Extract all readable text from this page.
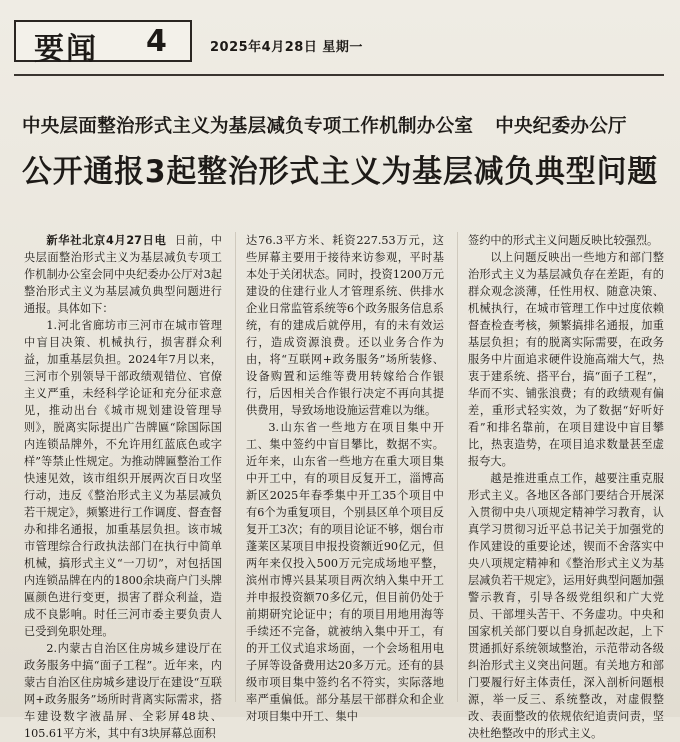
要闻 4	2025年4月28日 星期一
中央层面整治形式主义为基层减负专项工作机制办公室 中央纪委办公厅
公开通报3起整治形式主义为基层减负典型问题

新华社北京4月27日电 日前，中央层面整治形式主义为基层减负专项工作机制办公室会同中央纪委办公厅对3起整治形式主义为基层减负典型问题进行通报。具体如下：

1.河北省廊坊市三河市在城市管理中盲目决策、机械执行，损害群众利益，加重基层负担。2024年7月以来，三河市个别领导干部政绩观错位、官僚主义严重，未经科学论证和充分征求意见，推动出台《城市规划建设管理导则》，脱离实际提出广告牌匾“除国际国内连锁品牌外，不允许用红蓝底色或字样”等禁止性规定。为推动牌匾整治工作快速见效，该市组织开展两次百日攻坚行动，违反《整治形式主义为基层减负若干规定》，频繁进行工作调度、督查督办和排名通报，加重基层负担。该市城市管理综合行政执法部门在执行中简单机械，搞形式主义“一刀切”，对包括国内连锁品牌在内的1800余块商户门头牌匾颜色进行变更，损害了群众利益，造成不良影响。时任三河市委主要负责人已受到免职处理。

2.内蒙古自治区住房城乡建设厅在政务服务中搞“面子工程”。近年来，内蒙古自治区住房城乡建设厅在建设“互联网+政务服务”场所时背离实际需求，搭车建设数字液晶屏、全彩屏48块、105.61平方米，其中有3块屏幕总面积

达76.3平方米、耗资227.53万元，这些屏幕主要用于接待来访参观，平时基本处于关闭状态。同时，投资1200万元建设的住建行业人才管理系统、供排水企业日常监管系统等6个政务服务信息系统，有的建成后就停用，有的未有效运行，造成资源浪费。还以业务合作为由，将“互联网+政务服务”场所装修、设备购置和运维等费用转嫁给合作银行，后因相关合作银行决定不再向其提供费用，导致场地设施运营难以为继。

3.山东省一些地方在项目集中开工、集中签约中盲目攀比，数据不实。近年来，山东省一些地方在重大项目集中开工中，有的项目反复开工，淄博高新区2025年春季集中开工35个项目中有6个为重复项目，个别县区单个项目反复开工3次；有的项目论证不够，烟台市蓬莱区某项目申报投资额近90亿元，但两年来仅投入500万元完成场地平整，滨州市博兴县某项目两次纳入集中开工并申报投资额70多亿元，但目前仍处于前期研究论证中；有的项目用地用海等手续还不完备，就被纳入集中开工，有的开工仪式追求场面，一个会场租用电子屏等设备费用达20多万元。还有的县级市项目集中签约名不符实，实际落地率严重偏低。部分基层干部群众和企业对项目集中开工、集中

签约中的形式主义问题反映比较强烈。

以上问题反映出一些地方和部门整治形式主义为基层减负存在差距，有的群众观念淡薄，任性用权、随意决策、机械执行，在城市管理工作中过度依赖督查检查考核，频繁搞排名通报，加重基层负担；有的脱离实际需要，在政务服务中片面追求硬件设施高端大气，热衷于建系统、搭平台，搞“面子工程”，华而不实、铺张浪费；有的政绩观有偏差，重形式轻实效，为了数据“好听好看”和排名靠前，在项目建设中盲目攀比，热衷造势，在项目追求数量甚至虚报夸大。

越是推进重点工作，越要注重克服形式主义。各地区各部门要结合开展深入贯彻中央八项规定精神学习教育，认真学习贯彻习近平总书记关于加强党的作风建设的重要论述，锲而不舍落实中央八项规定精神和《整治形式主义为基层减负若干规定》，运用好典型问题加强警示教育，引导各级党组织和广大党员、干部埋头苦干、不务虚功。中央和国家机关部门要以自身抓起改起，上下贯通抓好系统领域整治，示范带动各级纠治形式主义突出问题。有关地方和部门要履行好主体责任，深入剖析问题根源，举一反三、系统整改，对虚假整改、表面整改的依规依纪追责问责，坚决杜绝整改中的形式主义。
